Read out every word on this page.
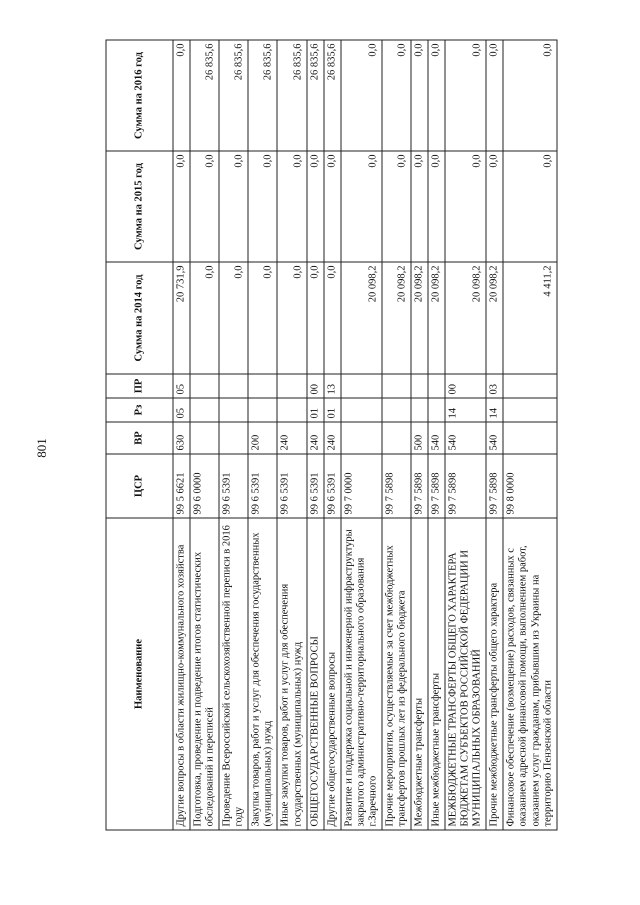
801
Наименование	ЦСР	ВР	Рз	ПР	Сумма на 2014 год	Сумма на 2015 год	Сумма на 2016 год
Другие вопросы в области жилищно-коммунального хозяйства	99 5 6621	630	05	05	20 731,9	0,0	0,0
Подготовка, проведение и подведение итогов статистических обследований и переписей	99 6 0000				0,0	0,0	26 835,6
Проведение Всероссийской сельскохозяйственной переписи в 2016 году	99 6 5391				0,0	0,0	26 835,6
Закупка товаров, работ и услуг для обеспечения государственных (муниципальных) нужд	99 6 5391	200			0,0	0,0	26 835,6
Иные закупки товаров, работ и услуг для обеспечения государственных (муниципальных) нужд	99 6 5391	240			0,0	0,0	26 835,6
ОБЩЕГОСУДАРСТВЕННЫЕ ВОПРОСЫ	99 6 5391	240	01	00	0,0	0,0	26 835,6
Другие общегосударственные вопросы	99 6 5391	240	01	13	0,0	0,0	26 835,6
Развитие и поддержка социальной и инженерной инфраструктуры закрытого административно-территориального образования г.Заречного	99 7 0000				20 098,2	0,0	0,0
Прочие мероприятия, осуществляемые за счет межбюджетных трансфертов прошлых лет из федерального бюджета	99 7 5898				20 098,2	0,0	0,0
Межбюджетные трансферты	99 7 5898	500			20 098,2	0,0	0,0
Иные межбюджетные трансферты	99 7 5898	540			20 098,2	0,0	0,0
МЕЖБЮДЖЕТНЫЕ ТРАНСФЕРТЫ ОБЩЕГО ХАРАКТЕРА БЮДЖЕТАМ СУБЪЕКТОВ РОССИЙСКОЙ ФЕДЕРАЦИИ И МУНИЦИПАЛЬНЫХ ОБРАЗОВАНИЙ	99 7 5898	540	14	00	20 098,2	0,0	0,0
Прочие межбюджетные трансферты общего характера	99 7 5898	540	14	03	20 098,2	0,0	0,0
Финансовое обеспечение (возмещение) расходов, связанных с оказанием адресной финансовой помощи, выполнением работ, оказанием услуг гражданам, прибывшим из Украины на территорию Пензенской области	99 8 0000				4 411,2	0,0	0,0
